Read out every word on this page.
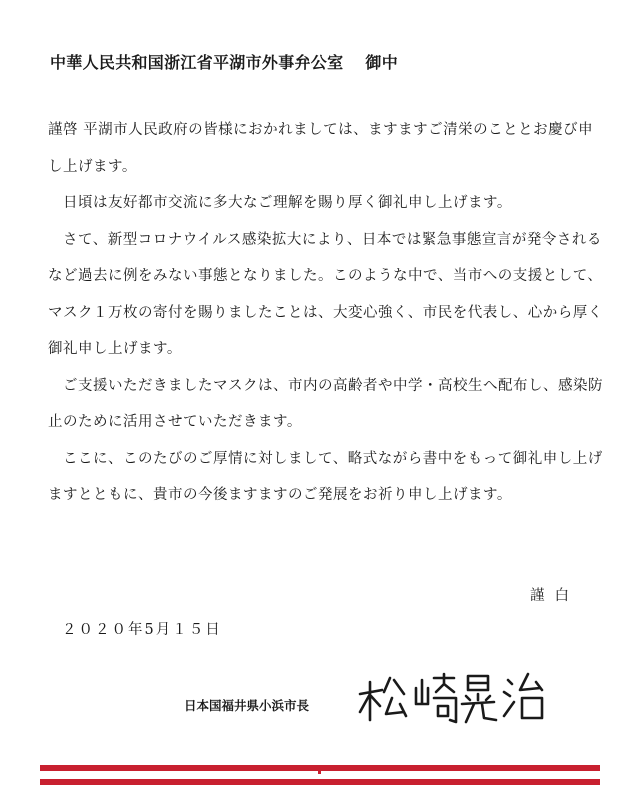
中華人民共和国浙江省平湖市外事弁公室 御中

謹啓 平湖市人民政府の皆様におかれましては、ますますご清栄のこととお慶び申し上げます。

　日頃は友好都市交流に多大なご理解を賜り厚く御礼申し上げます。

　さて、新型コロナウイルス感染拡大により、日本では緊急事態宣言が発令されるなど過去に例をみない事態となりました。このような中で、当市への支援として、マスク１万枚の寄付を賜りましたことは、大変心強く、市民を代表し、心から厚く御礼申し上げます。

　ご支援いただきましたマスクは、市内の高齢者や中学・高校生へ配布し、感染防止のために活用させていただきます。

　ここに、このたびのご厚情に対しまして、略式ながら書中をもって御礼申し上げますとともに、貴市の今後ますますのご発展をお祈り申し上げます。

謹白
２０２０年5月１５日
日本国福井県小浜市長
